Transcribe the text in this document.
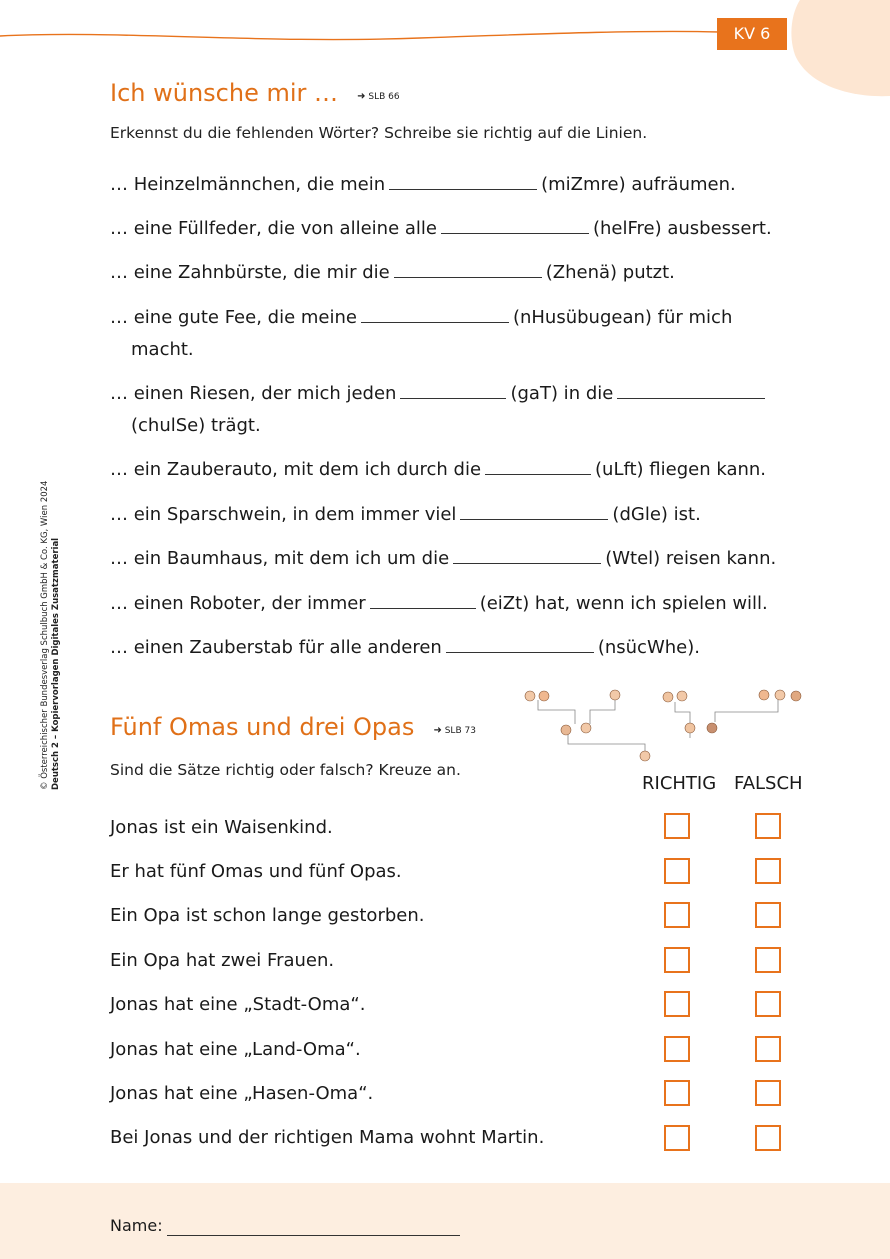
KV 6
© Österreichischer Bundesverlag Schulbuch GmbH & Co. KG, Wien 2024 Deutsch 2 – Kopiervorlagen Digitales Zusatzmaterial
Ich wünsche mir … ➜ SLB 66
Erkennst du die fehlenden Wörter? Schreibe sie richtig auf die Linien.
… Heinzelmännchen, die mein	(miZmre) aufräumen.
… eine Füllfeder, die von alleine alle	(helFre) ausbessert.
… eine Zahnbürste, die mir die	(Zhenä) putzt.
… eine gute Fee, die meine	(nHusübugean) für mich
macht.
… einen Riesen, der mich jeden	(gaT) in die
(chulSe) trägt.
… ein Zauberauto, mit dem ich durch die	(uLft) fliegen kann.
… ein Sparschwein, in dem immer viel	(dGle) ist.
… ein Baumhaus, mit dem ich um die	(Wtel) reisen kann.
… einen Roboter, der immer	(eiZt) hat, wenn ich spielen will.
… einen Zauberstab für alle anderen	(nsücWhe).
Fünf Omas und drei Opas ➜ SLB 73
Sind die Sätze richtig oder falsch? Kreuze an.
RICHTIG FALSCH
Jonas ist ein Waisenkind.
Er hat fünf Omas und fünf Opas.
Ein Opa ist schon lange gestorben.
Ein Opa hat zwei Frauen.
Jonas hat eine „Stadt-Oma“.
Jonas hat eine „Land-Oma“.
Jonas hat eine „Hasen-Oma“.
Bei Jonas und der richtigen Mama wohnt Martin.
Name:
